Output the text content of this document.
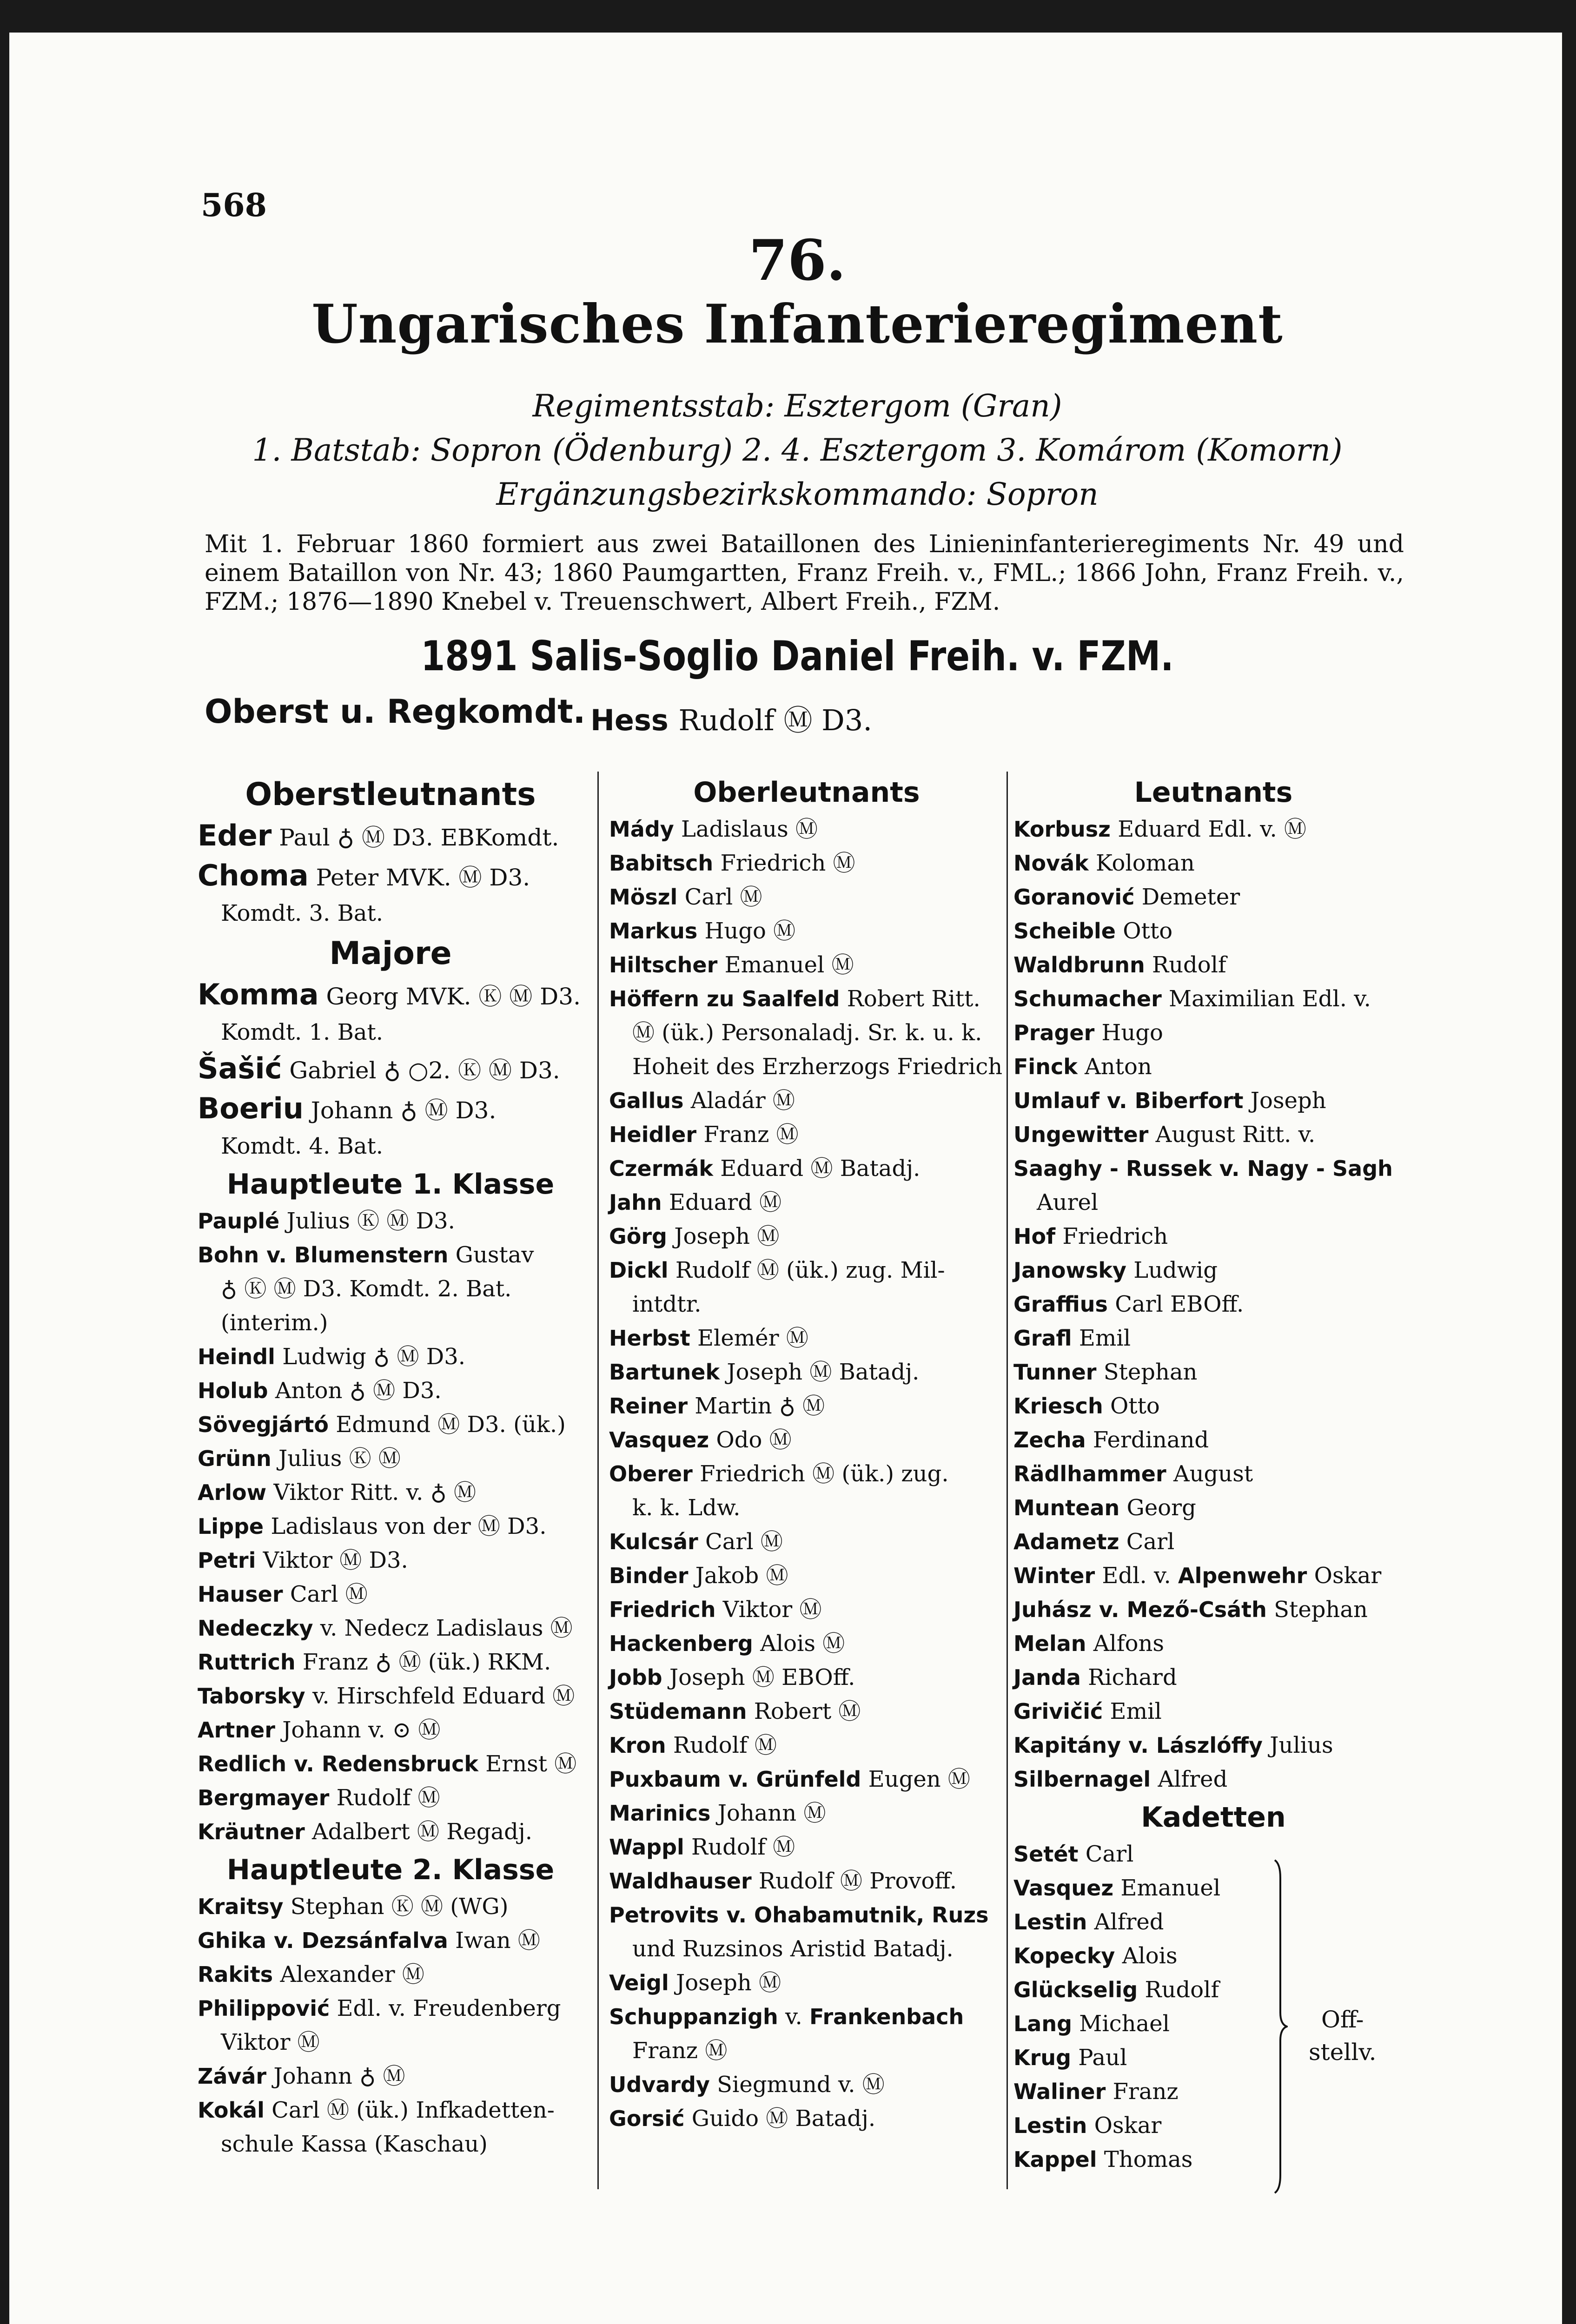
568
76.
Ungarisches Infanterieregiment
Regimentsstab: Esztergom (Gran)
1. Batstab: Sopron (Ödenburg) 2. 4. Esztergom 3. Komárom (Komorn)
Ergänzungsbezirkskommando: Sopron
Mit 1. Februar 1860 formiert aus zwei Bataillonen des Linieninfanterieregiments Nr. 49 und einem Bataillon von Nr. 43; 1860 Paumgartten, Franz Freih. v., FML.; 1866 John, Franz Freih. v., FZM.; 1876—1890 Knebel v. Treuenschwert, Albert Freih., FZM.
1891 Salis-Soglio Daniel Freih. v. FZM.
Oberst u. Regkomdt. Hess Rudolf Ⓜ D3.
Oberstleutnants
Eder Paul ♁ Ⓜ D3. EBKomdt.
Choma Peter MVK. Ⓜ D3.
Komdt. 3. Bat.
Majore
Komma Georg MVK. Ⓚ Ⓜ D3.
Komdt. 1. Bat.
Šašić Gabriel ♁ ○2. Ⓚ Ⓜ D3.
Boeriu Johann ♁ Ⓜ D3.
Komdt. 4. Bat.
Hauptleute 1. Klasse
Pauplé Julius Ⓚ Ⓜ D3.
Bohn v. Blumenstern Gustav
♁ Ⓚ Ⓜ D3. Komdt. 2. Bat. (interim.)
Heindl Ludwig ♁ Ⓜ D3.
Holub Anton ♁ Ⓜ D3.
Sövegjártó Edmund Ⓜ D3. (ük.)
Grünn Julius Ⓚ Ⓜ
Arlow Viktor Ritt. v. ♁ Ⓜ
Lippe Ladislaus von der Ⓜ D3.
Petri Viktor Ⓜ D3.
Hauser Carl Ⓜ
Nedeczky v. Nedecz Ladislaus Ⓜ
Ruttrich Franz ♁ Ⓜ (ük.) RKM.
Taborsky v. Hirschfeld Eduard Ⓜ
Artner Johann v. ⊙ Ⓜ
Redlich v. Redensbruck Ernst Ⓜ
Bergmayer Rudolf Ⓜ
Kräutner Adalbert Ⓜ Regadj.
Hauptleute 2. Klasse
Kraitsy Stephan Ⓚ Ⓜ (WG)
Ghika v. Dezsánfalva Iwan Ⓜ
Rakits Alexander Ⓜ
Philippović Edl. v. Freudenberg
Viktor Ⓜ
Závár Johann ♁ Ⓜ
Kokál Carl Ⓜ (ük.) Infkadetten-
schule Kassa (Kaschau)
Oberleutnants
Mády Ladislaus Ⓜ
Babitsch Friedrich Ⓜ
Möszl Carl Ⓜ
Markus Hugo Ⓜ
Hiltscher Emanuel Ⓜ
Höffern zu Saalfeld Robert Ritt.
Ⓜ (ük.) Personaladj. Sr. k. u. k. Hoheit des Erzherzogs Friedrich
Gallus Aladár Ⓜ
Heidler Franz Ⓜ
Czermák Eduard Ⓜ Batadj.
Jahn Eduard Ⓜ
Görg Joseph Ⓜ
Dickl Rudolf Ⓜ (ük.) zug. Mil-
intdtr.
Herbst Elemér Ⓜ
Bartunek Joseph Ⓜ Batadj.
Reiner Martin ♁ Ⓜ
Vasquez Odo Ⓜ
Oberer Friedrich Ⓜ (ük.) zug.
k. k. Ldw.
Kulcsár Carl Ⓜ
Binder Jakob Ⓜ
Friedrich Viktor Ⓜ
Hackenberg Alois Ⓜ
Jobb Joseph Ⓜ EBOff.
Stüdemann Robert Ⓜ
Kron Rudolf Ⓜ
Puxbaum v. Grünfeld Eugen Ⓜ
Marinics Johann Ⓜ
Wappl Rudolf Ⓜ
Waldhauser Rudolf Ⓜ Provoff.
Petrovits v. Ohabamutnik, Ruzs
und Ruzsinos Aristid Batadj.
Veigl Joseph Ⓜ
Schuppanzigh v. Frankenbach
Franz Ⓜ
Udvardy Siegmund v. Ⓜ
Gorsić Guido Ⓜ Batadj.
Leutnants
Korbusz Eduard Edl. v. Ⓜ
Novák Koloman
Goranović Demeter
Scheible Otto
Waldbrunn Rudolf
Schumacher Maximilian Edl. v.
Prager Hugo
Finck Anton
Umlauf v. Biberfort Joseph
Ungewitter August Ritt. v.
Saaghy - Russek v. Nagy - Sagh
Aurel
Hof Friedrich
Janowsky Ludwig
Graffius Carl EBOff.
Grafl Emil
Tunner Stephan
Kriesch Otto
Zecha Ferdinand
Rädlhammer August
Muntean Georg
Adametz Carl
Winter Edl. v. Alpenwehr Oskar
Juhász v. Mező-Csáth Stephan
Melan Alfons
Janda Richard
Grivičić Emil
Kapitány v. Lászlóffy Julius
Silbernagel Alfred
Kadetten
Setét Carl
Vasquez Emanuel
Lestin Alfred
Kopecky Alois
Glückselig Rudolf
Lang Michael
Krug Paul
Waliner Franz
Lestin Oskar
Kappel Thomas
Off-
stellv.
